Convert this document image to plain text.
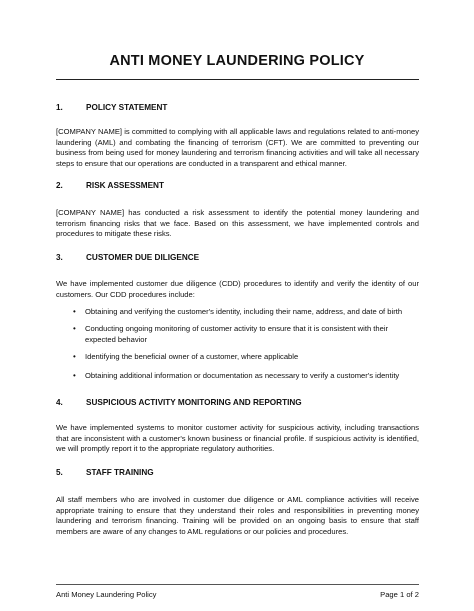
ANTI MONEY LAUNDERING POLICY
1.	POLICY STATEMENT

[COMPANY NAME] is committed to complying with all applicable laws and regulations related to anti-money laundering (AML) and combating the financing of terrorism (CFT). We are committed to preventing our business from being used for money laundering and terrorism financing activities and will take all necessary steps to ensure that our operations are conducted in a transparent and ethical manner.

2.	RISK ASSESSMENT

[COMPANY NAME] has conducted a risk assessment to identify the potential money laundering and terrorism financing risks that we face. Based on this assessment, we have implemented controls and procedures to mitigate these risks.

3.	CUSTOMER DUE DILIGENCE

We have implemented customer due diligence (CDD) procedures to identify and verify the identity of our customers. Our CDD procedures include:

• Obtaining and verifying the customer's identity, including their name, address, and date of birth
• Conducting ongoing monitoring of customer activity to ensure that it is consistent with their expected behavior
• Identifying the beneficial owner of a customer, where applicable
• Obtaining additional information or documentation as necessary to verify a customer's identity
4.	SUSPICIOUS ACTIVITY MONITORING AND REPORTING

We have implemented systems to monitor customer activity for suspicious activity, including transactions that are inconsistent with a customer's known business or financial profile. If suspicious activity is identified, we will promptly report it to the appropriate regulatory authorities.

5.	STAFF TRAINING

All staff members who are involved in customer due diligence or AML compliance activities will receive appropriate training to ensure that they understand their roles and responsibilities in preventing money laundering and terrorism financing. Training will be provided on an ongoing basis to ensure that staff members are aware of any changes to AML regulations or our policies and procedures.

Anti Money Laundering Policy	Page 1 of 2
